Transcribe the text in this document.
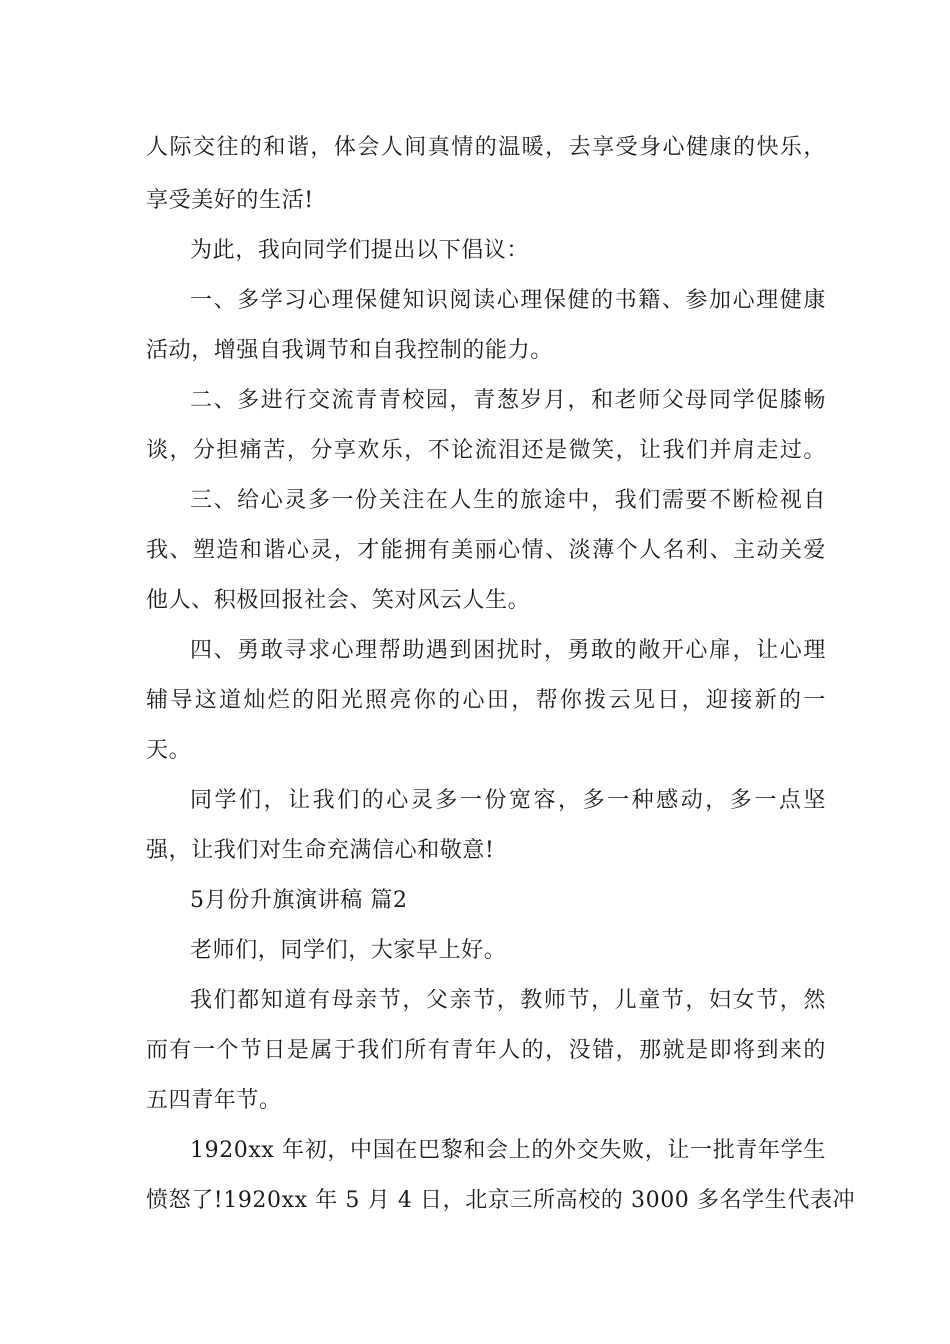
人际交往的和谐，体会人间真情的温暖，去享受身心健康的快乐，
享受美好的生活!
为此，我向同学们提出以下倡议：
一、多学习心理保健知识阅读心理保健的书籍、参加心理健康
活动，增强自我调节和自我控制的能力。
二、多进行交流青青校园，青葱岁月，和老师父母同学促膝畅
谈，分担痛苦，分享欢乐，不论流泪还是微笑，让我们并肩走过。
三、给心灵多一份关注在人生的旅途中，我们需要不断检视自
我、塑造和谐心灵，才能拥有美丽心情、淡薄个人名利、主动关爱
他人、积极回报社会、笑对风云人生。
四、勇敢寻求心理帮助遇到困扰时，勇敢的敞开心扉，让心理
辅导这道灿烂的阳光照亮你的心田，帮你拨云见日，迎接新的一
天。
同学们，让我们的心灵多一份宽容，多一种感动，多一点坚
强，让我们对生命充满信心和敬意!
5月份升旗演讲稿 篇2
老师们，同学们，大家早上好。
我们都知道有母亲节，父亲节，教师节，儿童节，妇女节，然
而有一个节日是属于我们所有青年人的，没错，那就是即将到来的
五四青年节。
1920xx 年初，中国在巴黎和会上的外交失败，让一批青年学生
愤怒了!1920xx 年 5 月 4 日，北京三所高校的 3000 多名学生代表冲
